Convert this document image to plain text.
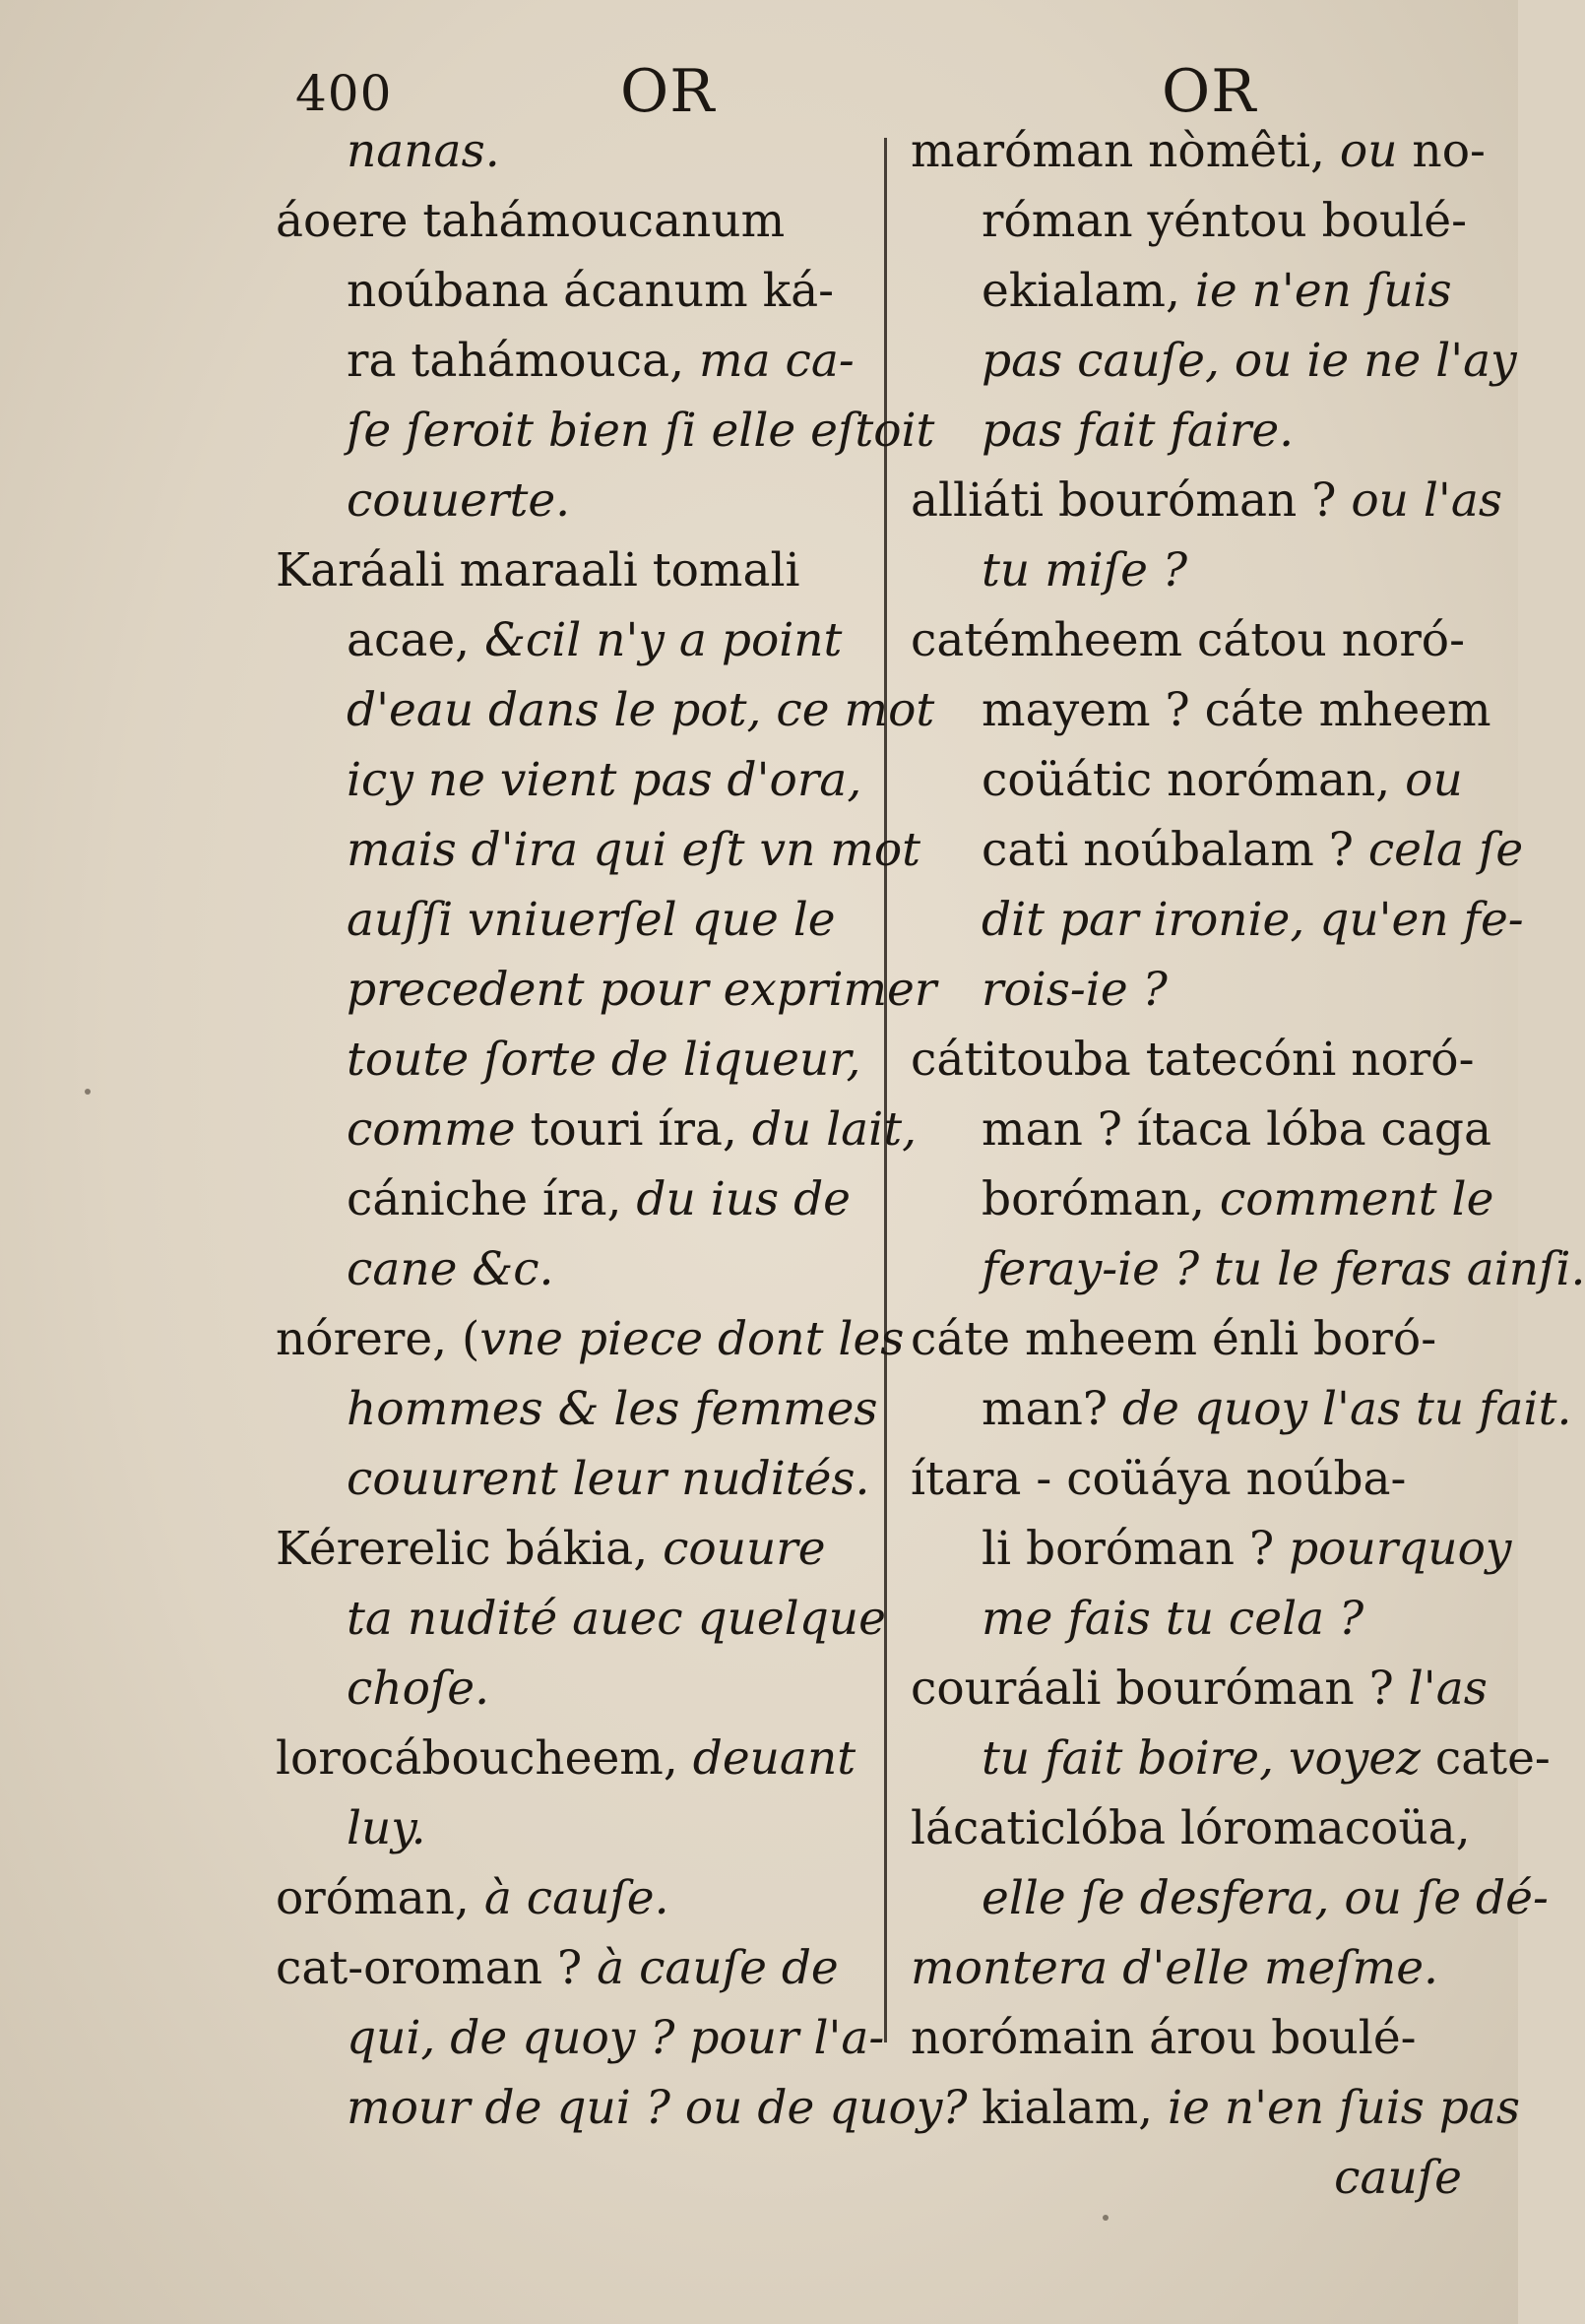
400	OR	OR
nanas.
áoere tahámoucanum
noúbana ácanum ká-
ra tahámouca, ma ca-
ſe ſeroit bien ſi elle eſtoit
couuerte.
Karáali maraali tomali
acae, &cil n'y a point
d'eau dans le pot, ce mot
icy ne vient pas d'ora,
mais d'ira qui eſt vn mot
auſſi vniuerſel que le
precedent pour exprimer
toute ſorte de liqueur,
comme touri íra, du lait,
cániche íra, du ius de
cane &c.
nórere, (vne piece dont les
hommes & les femmes
couurent leur nudités.
Kérerelic bákia, couure
ta nudité auec quelque
choſe.
lorocáboucheem, deuant
luy.
oróman, à cauſe.
cat-oroman ? à cauſe de
qui, de quoy ? pour l'a-
mour de qui ? ou de quoy?
maróman nòmêti, ou no-
róman yéntou boulé-
ekialam, ie n'en ſuis
pas cauſe, ou ie ne l'ay
pas fait faire.
alliáti bouróman ? ou l'as
tu miſe ?
catémheem cátou noró-
mayem ? cáte mheem
coüátic noróman, ou
cati noúbalam ? cela ſe
dit par ironie, qu'en fe-
rois-ie ?
cátitouba tatecóni noró-
man ? ítaca lóba caga
boróman, comment le
feray-ie ? tu le feras ainſi.
cáte mheem énli boró-
man? de quoy l'as tu fait.
ítara - coüáya noúba-
li boróman ? pourquoy
me fais tu cela ?
couráali bouróman ? l'as
tu fait boire, voyez cate-
lácaticlóba lóromacoüa,
elle ſe desfera, ou ſe dé-
montera d'elle meſme.
norómain árou boulé-
kialam, ie n'en ſuis pas
cauſe
